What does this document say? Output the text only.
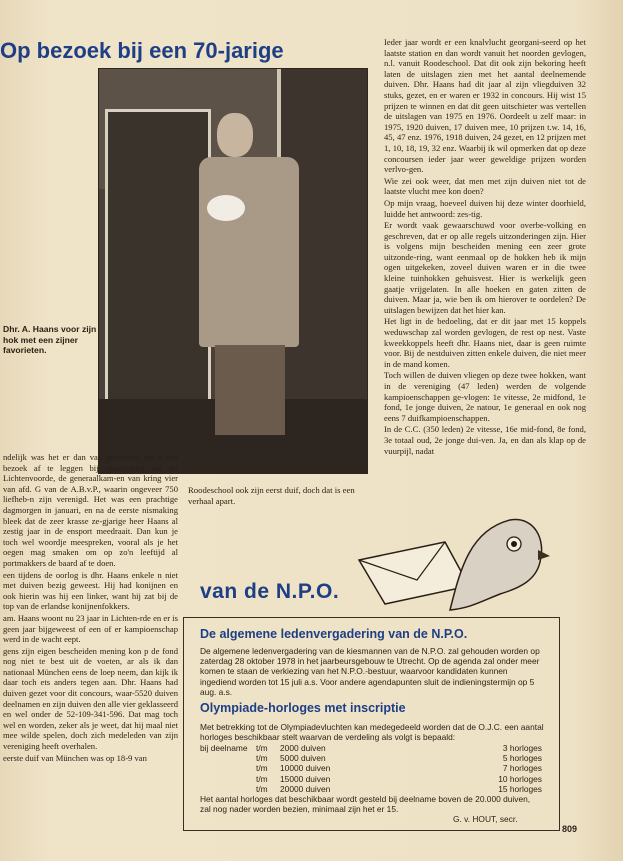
Op bezoek bij een 70-jarige
Dhr. A. Haans voor zijn hok met een zijner favorieten.

ndelijk was het er dan van gekomen, om s een bezoek af te leggen bij sportvriend ans uit Lichtenvoorde, de generaalkam-en van kring vier van afd. G van de A.B.v.P., waarin ongeveer 750 liefheb-n zijn verenigd. Het was een prachtige dagmorgen in januari, en na de eerste nismaking bleek dat de zeer krasse ze-gjarige heer Haans al zestig jaar in de ensport meedraait. Dan kun je toch wel woordje meespreken, vooral als je het oegen mag smaken om op zo'n leeftijd al portmakkers de baard af te doen.

een tijdens de oorlog is dhr. Haans enkele n niet met duiven bezig geweest. Hij had konijnen en ook hierin was hij een linker, want hij zat bij de top van de erlandse konijnenfokkers.

am. Haans woont nu 23 jaar in Lichten-rde en er is geen jaar bijgeweest of een of er kampioenschap werd in de wacht eept.

gens zijn eigen bescheiden mening kon p de fond nog niet te best uit de voeten, ar als ik dan nationaal München eens de loep neem, dan kijk ik daar toch ets anders tegen aan. Dhr. Haans had duiven gezet voor dit concours, waar-5520 duiven deelnamen en zijn duiven den alle vier geklasseerd en wel onder de 52-109-341-596. Dat mag toch wel en worden, zeker als je weet, dat hij maal niet mee wilde spelen, doch zich medeleden van zijn vereniging heeft overhalen.

eerste duif van München was op 18-9 van

Roodeschool ook zijn eerst duif, doch dat is een verhaal apart.

Ieder jaar wordt er een knalvlucht georgani-seerd op het laatste station en dan wordt vanuit het noorden gevlogen, n.l. vanuit Roodeschool. Dat dit ook zijn bekoring heeft laten de uitslagen zien met het aantal deelnemende duiven. Dhr. Haans had dit jaar al zijn vliegduiven 32 stuks, gezet, en er waren er 1932 in concours. Hij wist 15 prijzen te winnen en dat dit geen uitschieter was vertellen de uitslagen van 1975 en 1976. Oordeelt u zelf maar: in 1975, 1920 duiven, 17 duiven mee, 10 prijzen t.w. 14, 16, 45, 47 enz. 1976, 1918 duiven, 24 gezet, en 12 prijzen met 1, 10, 18, 19, 32 enz. Waarbij ik wil opmerken dat op deze concoursen ieder jaar weer geweldige prijzen worden verlvo-gen.

Wie zei ook weer, dat men met zijn duiven niet tot de laatste vlucht mee kon doen?

Op mijn vraag, hoeveel duiven hij deze winter doorhield, luidde het antwoord: zes-tig.

Er wordt vaak gewaarschuwd voor overbe-volking en geschreven, dat er op alle regels uitzonderingen zijn. Hier is volgens mijn bescheiden mening een zeer grote uitzonde-ring, want eenmaal op de hokken heb ik mijn ogen uitgekeken, zoveel duiven waren er in die twee kleine tuinhokken gehuisvest. Hier is werkelijk geen gaatje vrijgelaten. In alle hoeken en gaten zitten de duiven. Maar ja, wie ben ik om hierover te oordelen? De uitslagen bewijzen dat het hier kan.

Het ligt in de bedoeling, dat er dit jaar met 15 koppels weduwschap zal worden gevlogen, de rest op nest. Vaste kweekkoppels heeft dhr. Haans niet, daar is geen ruimte voor. Bij de nestduiven zitten enkele duiven, die niet meer in de mand komen.

Toch willen de duiven vliegen op deze twee hokken, want in de vereniging (47 leden) werden de volgende kampioenschappen ge-vlogen: 1e vitesse, 2e midfond, 1e fond, 1e jonge duiven, 2e natour, 1e generaal en ook nog eens 7 duifkampioenschappen.

In de C.C. (350 leden) 2e vitesse, 16e mid-fond, 8e fond, 3e totaal oud, 2e jonge dui-ven. Ja, en dan als klap op de vuurpijl, nadat

van de N.P.O.
De algemene ledenvergadering van de N.P.O.
De algemene ledenvergadering van de kiesmannen van de N.P.O. zal gehouden worden op zaterdag 28 oktober 1978 in het jaarbeursgebouw te Utrecht. Op de agenda zal onder meer komen te staan de verkiezing van het N.P.O.-bestuur, waarvoor kandidaten kunnen ingediend worden tot 15 juli a.s. Voor andere agendapunten sluit de indieningstermijn op 5 aug. a.s.
Olympiade-horloges met inscriptie
Met betrekking tot de Olympiadevluchten kan medegedeeld worden dat de O.J.C. een aantal horloges beschikbaar stelt waarvan de verdeling als volgt is bepaald:
bij deelname t/m 2000 duiven	3 horloges
t/m 5000 duiven	5 horloges
t/m 10000 duiven	7 horloges
t/m 15000 duiven	10 horloges
t/m 20000 duiven	15 horloges
Het aantal horloges dat beschikbaar wordt gesteld bij deelname boven de 20.000 duiven, zal nog nader worden bezien, minimaal zijn het er 15.
G. v. HOUT, secr.
809
